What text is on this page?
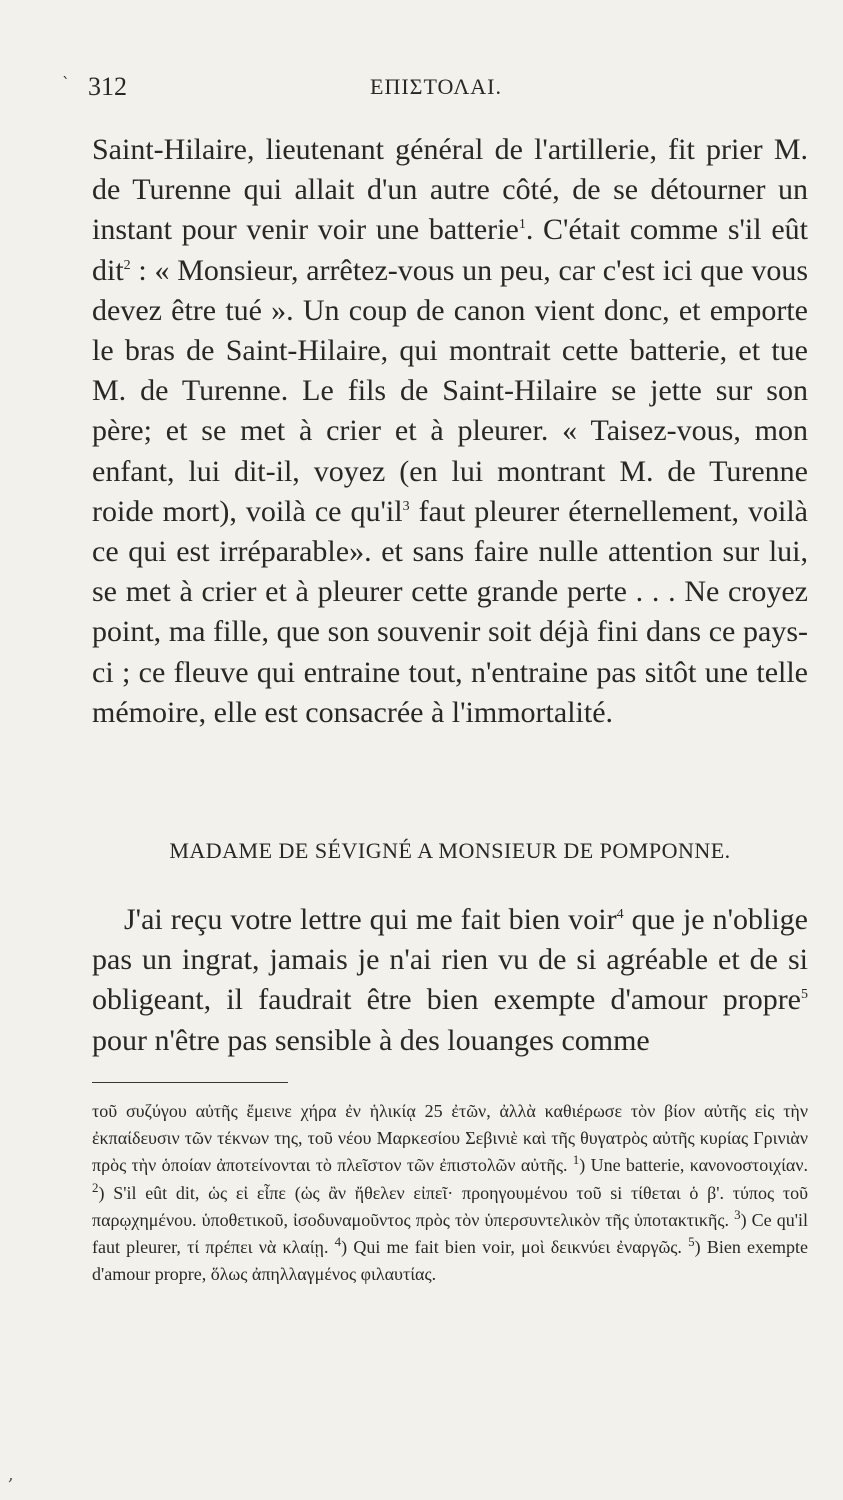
` 312	ΕΠΙΣΤΟΛΑΙ.

Saint-Hilaire, lieutenant général de l'artillerie, fit prier M. de Turenne qui allait d'un autre côté, de se détourner un instant pour venir voir une batterie$^1$. C'était comme s'il eût dit$^2$ : « Monsieur, arrêtez-vous un peu, car c'est ici que vous devez être tué ». Un coup de canon vient donc, et emporte le bras de Saint-Hilaire, qui montrait cette batterie, et tue M. de Turenne. Le fils de Saint-Hilaire se jette sur son père; et se met à crier et à pleurer. « Taisez-vous, mon enfant, lui dit-il, voyez (en lui montrant M. de Turenne roide mort), voilà ce $qu'il^3$ faut pleurer éternellement, voilà ce qui est irréparable». et sans faire nulle attention sur lui, se met à crier et à pleurer cette grande perte . . . Ne croyez point, ma fille, que son souvenir soit déjà fini dans ce pays-ci ; ce fleuve qui entraine tout, n'entraine pas sitôt une telle mémoire, elle est consacrée à l'immortalité.

MADAME DE SÉVIGNÉ A MONSIEUR DE POMPONNE.

J'ai reçu votre lettre qui me fait bien voir$^4$ que je n'oblige pas un ingrat, jamais je n'ai rien vu de si agréable et de si obligeant, il faudrait être bien exempte d'amour propre$^5$ pour n'être pas sensible à des louanges comme

τοῦ συζύγου αὐτῆς ἔμεινε χήρα ἐν ἡλικίᾳ 25 ἐτῶν, ἀλλὰ καθιέρωσε τὸν βίον αὐτῆς εἰς τὴν ἐκπαίδευσιν τῶν τέκνων της, τοῦ νέου Μαρκεσίου Σεβινιὲ καὶ τῆς θυγατρὸς αὐτῆς κυρίας Γρινιὰν πρὸς τὴν ὁποίαν ἀποτείνονται τὸ πλεῖστον τῶν ἐπιστολῶν αὐτῆς. $^1$) Une batterie, κανονοστοιχίαν. $^2$) S'il eût dit, ὡς εἰ εἶπε (ὡς ἂν ἤθελεν εἰπεῖ· προηγουμένου τοῦ si τίθεται ὁ β'. τύπος τοῦ παρῳχημένου. ὑποθετικοῦ, ἰσοδυναμοῦντος πρὸς τὸν ὑπερσυντελικὸν τῆς ὑποτακτικῆς. $^3$) Ce qu'il faut pleurer, τί πρέπει νὰ κλαίῃ. $^4$) Qui me fait bien voir, μοὶ δεικνύει ἐναργῶς. $^5$) Bien exempte d'amour propre, ὅλως ἀπηλλαγμένος φιλαυτίας.
,
